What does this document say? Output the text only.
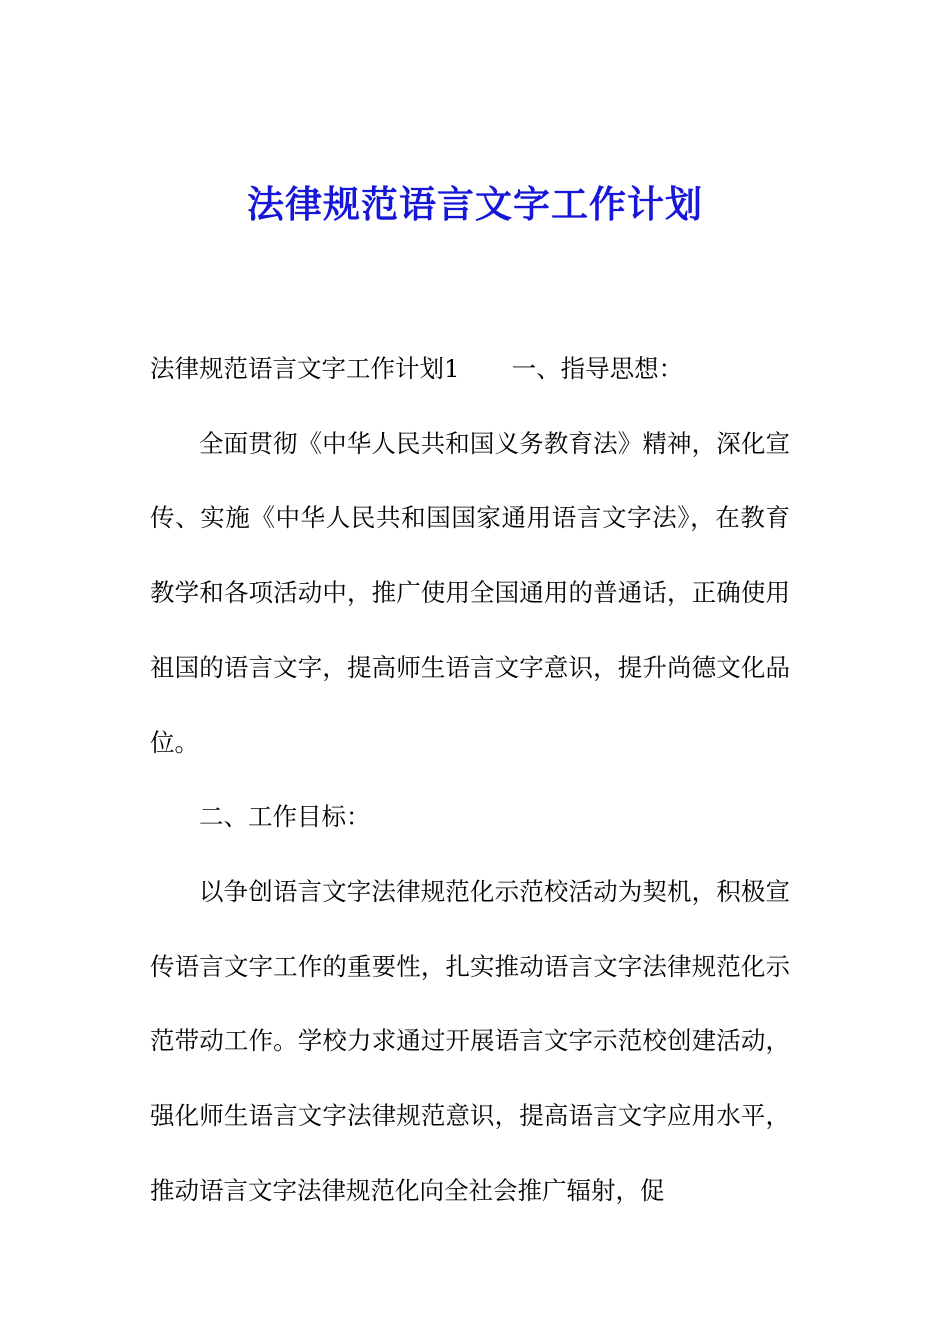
法律规范语言文字工作计划

法律规范语言文字工作计划1 一、指导思想：

全面贯彻《中华人民共和国义务教育法》精神，深化宣传、实施《中华人民共和国国家通用语言文字法》，在教育教学和各项活动中，推广使用全国通用的普通话，正确使用祖国的语言文字，提高师生语言文字意识，提升尚德文化品位。

二、工作目标：

以争创语言文字法律规范化示范校活动为契机，积极宣传语言文字工作的重要性，扎实推动语言文字法律规范化示范带动工作。学校力求通过开展语言文字示范校创建活动，强化师生语言文字法律规范意识，提高语言文字应用水平，推动语言文字法律规范化向全社会推广辐射，促
